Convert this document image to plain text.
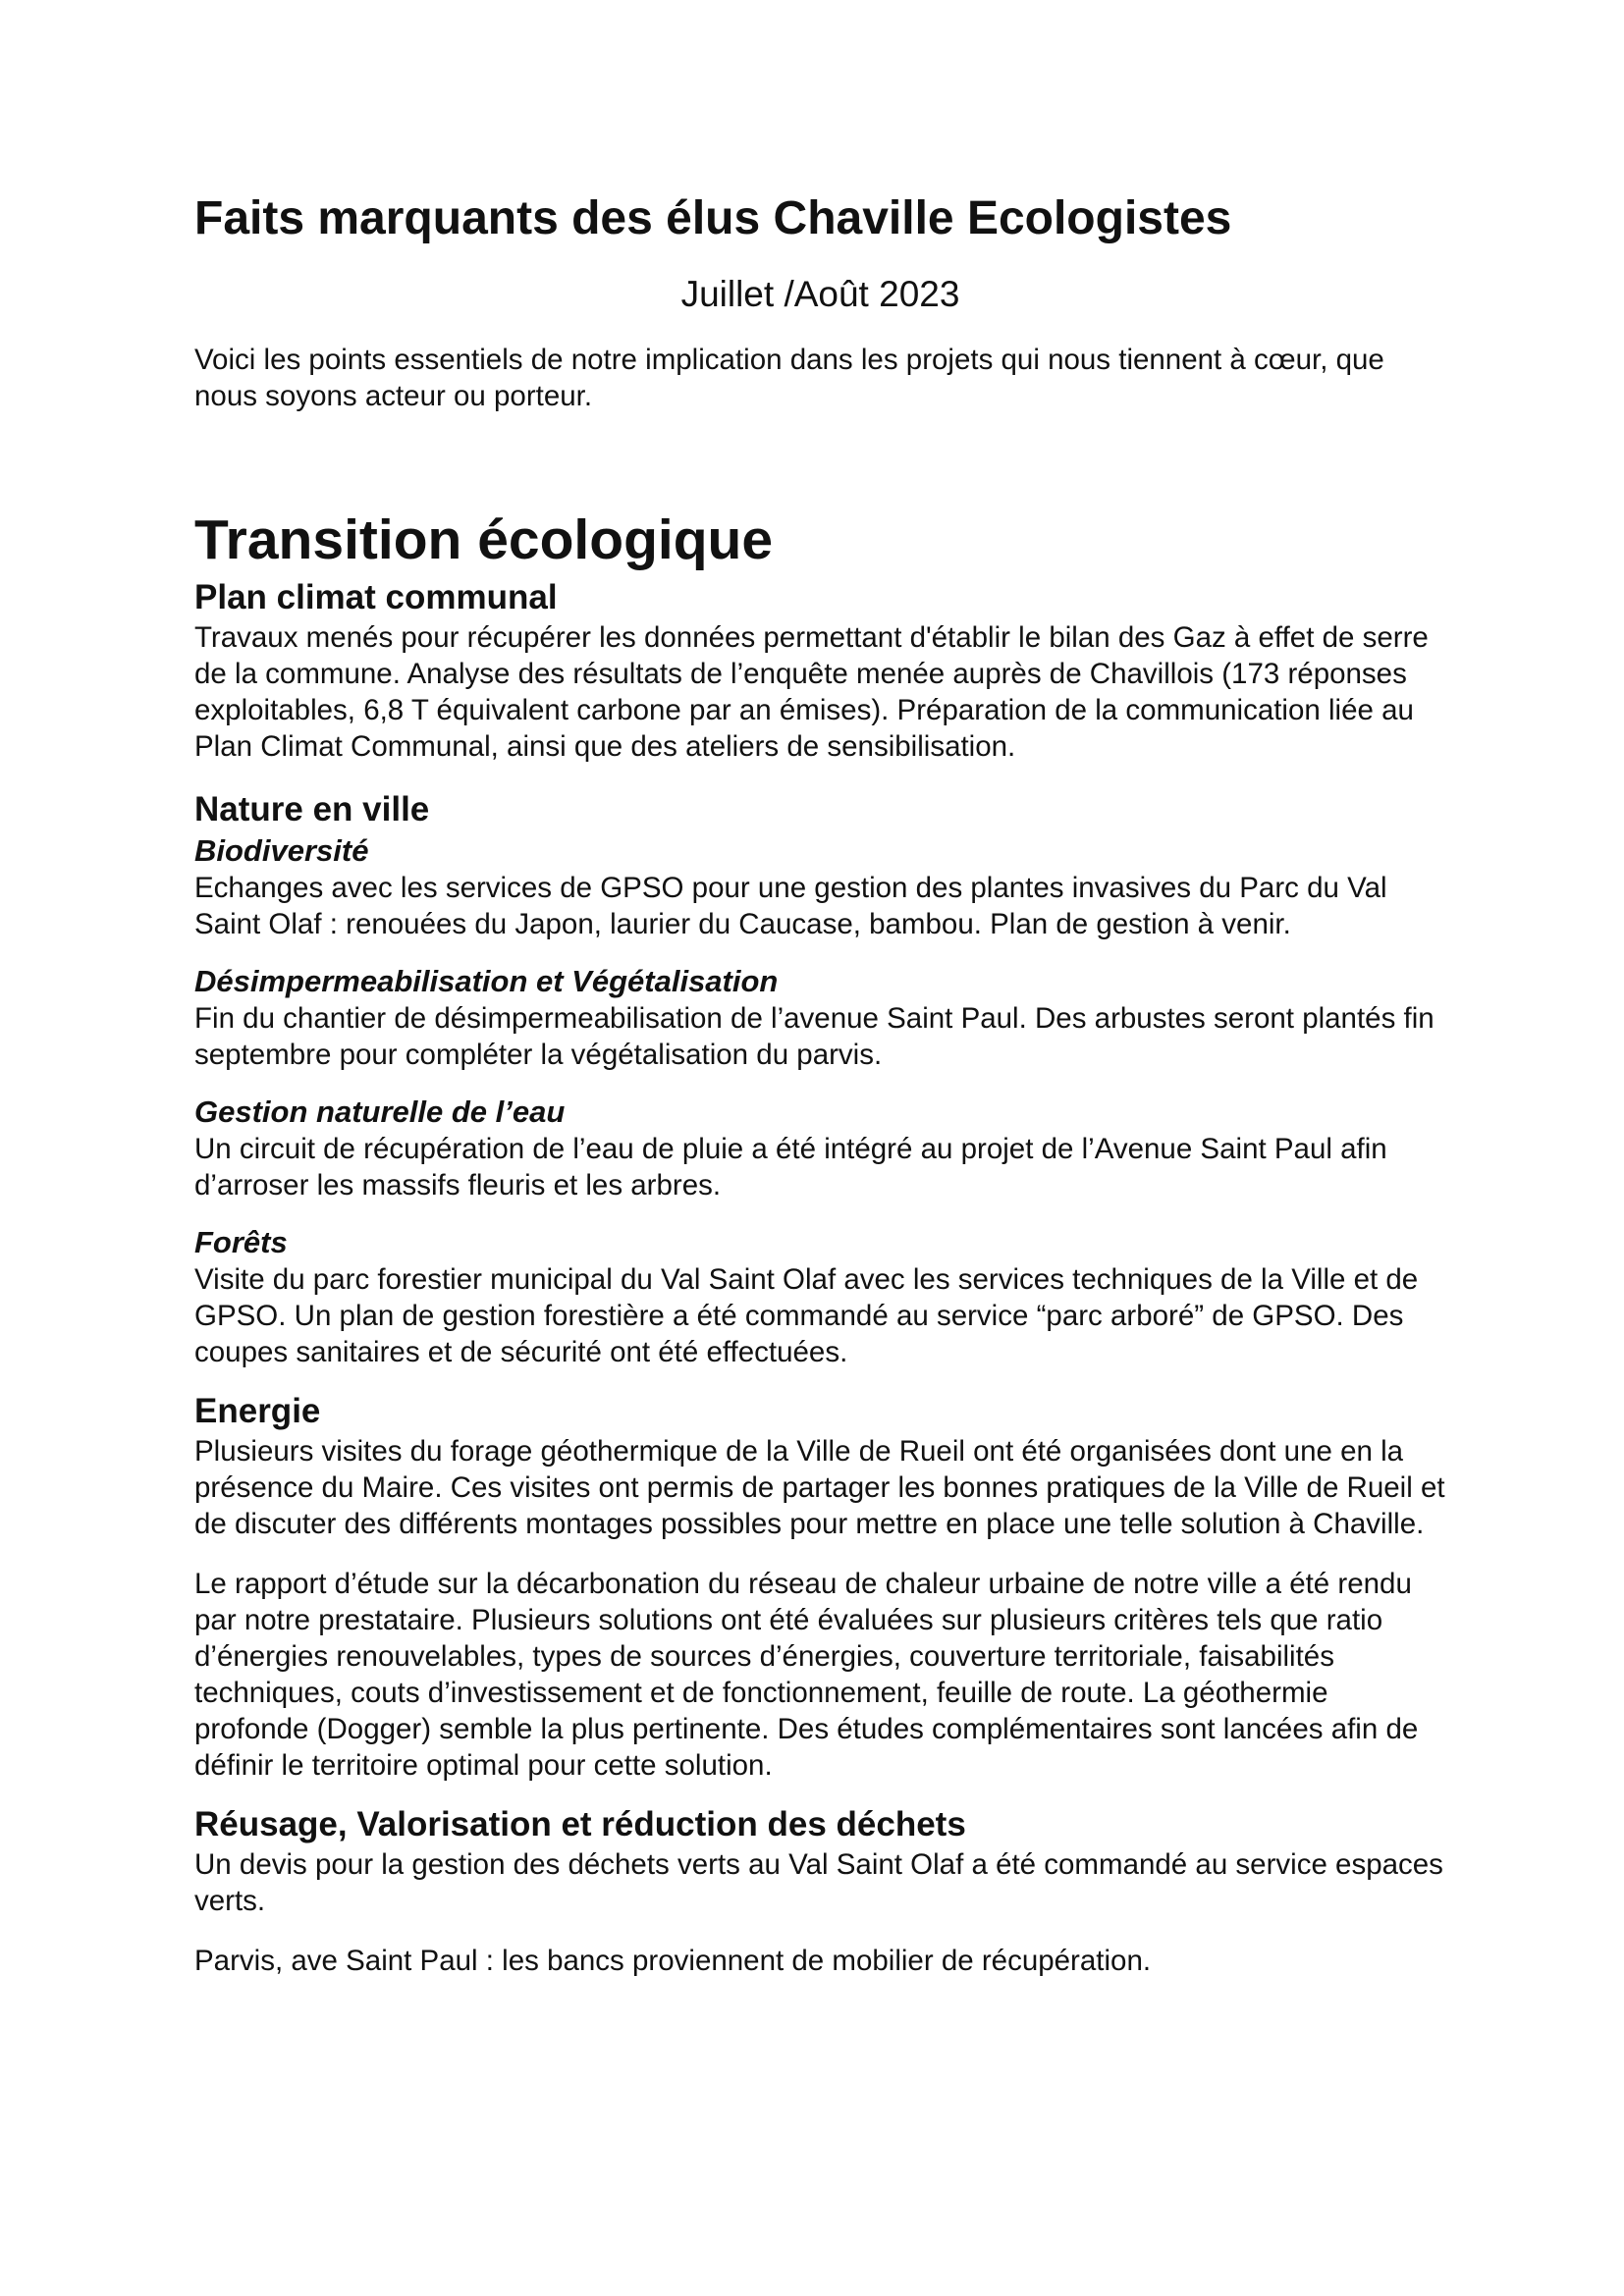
Faits marquants des élus Chaville Ecologistes
Juillet /Août 2023

Voici les points essentiels de notre implication dans les projets qui nous tiennent à cœur, que nous soyons acteur ou porteur.

Transition écologique
Plan climat communal

Travaux menés pour récupérer les données permettant d'établir le bilan des Gaz à effet de serre de la commune. Analyse des résultats de l’enquête menée auprès de Chavillois (173 réponses exploitables, 6,8 T équivalent carbone par an émises). Préparation de la communication liée au Plan Climat Communal, ainsi que des ateliers de sensibilisation.

Nature en ville
Biodiversité

Echanges avec les services de GPSO pour une gestion des plantes invasives du Parc du Val Saint Olaf : renouées du Japon, laurier du Caucase, bambou. Plan de gestion à venir.

Désimpermeabilisation et Végétalisation

Fin du chantier de désimpermeabilisation de l’avenue Saint Paul. Des arbustes seront plantés fin septembre pour compléter la végétalisation du parvis.

Gestion naturelle de l’eau

Un circuit de récupération de l’eau de pluie a été intégré au projet de l’Avenue Saint Paul afin d’arroser les massifs fleuris et les arbres.

Forêts

Visite du parc forestier municipal du Val Saint Olaf avec les services techniques de la Ville et de GPSO. Un plan de gestion forestière a été commandé au service “parc arboré” de GPSO. Des coupes sanitaires et de sécurité ont été effectuées.

Energie

Plusieurs visites du forage géothermique de la Ville de Rueil ont été organisées dont une en la présence du Maire. Ces visites ont permis de partager les bonnes pratiques de la Ville de Rueil et de discuter des différents montages possibles pour mettre en place une telle solution à Chaville.

Le rapport d’étude sur la décarbonation du réseau de chaleur urbaine de notre ville a été rendu par notre prestataire. Plusieurs solutions ont été évaluées sur plusieurs critères tels que ratio d’énergies renouvelables, types de sources d’énergies, couverture territoriale, faisabilités techniques, couts d’investissement et de fonctionnement, feuille de route. La géothermie profonde (Dogger) semble la plus pertinente. Des études complémentaires sont lancées afin de définir le territoire optimal pour cette solution.

Réusage, Valorisation et réduction des déchets

Un devis pour la gestion des déchets verts au Val Saint Olaf a été commandé au service espaces verts.

Parvis, ave Saint Paul : les bancs proviennent de mobilier de récupération.
